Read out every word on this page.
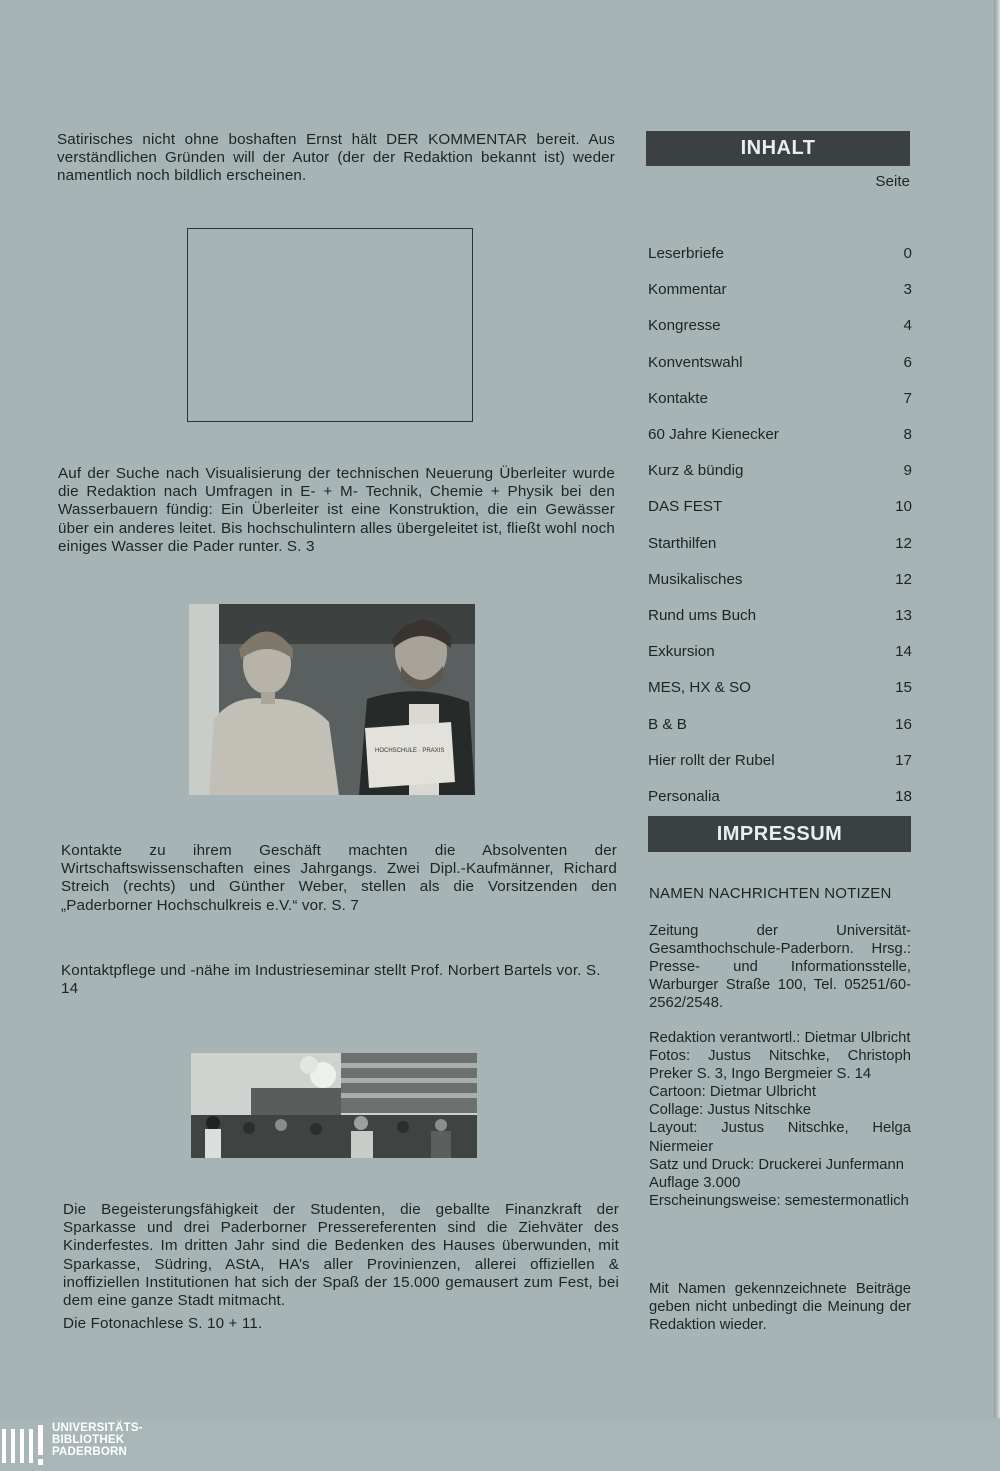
Satirisches nicht ohne boshaften Ernst hält DER KOMMENTAR bereit. Aus verständlichen Gründen will der Autor (der der Redaktion bekannt ist) weder namentlich noch bildlich erscheinen.

Auf der Suche nach Visualisierung der technischen Neuerung Überleiter wurde die Redaktion nach Umfragen in E- + M- Technik, Chemie + Physik bei den Wasserbauern fündig: Ein Überleiter ist eine Konstruktion, die ein Gewässer über ein anderes leitet. Bis hochschulintern alles übergeleitet ist, fließt wohl noch einiges Wasser die Pader runter. S. 3

HOCHSCHULE · PRAXIS

Kontakte zu ihrem Geschäft machten die Absolventen der Wirtschaftswissenschaften eines Jahrgangs. Zwei Dipl.-Kaufmänner, Richard Streich (rechts) und Günther Weber, stellen als die Vorsitzenden den „Paderborner Hochschulkreis e.V.“ vor. S. 7

Kontaktpflege und -nähe im Industrieseminar stellt Prof. Norbert Bartels vor. S. 14

Die Begeisterungsfähigkeit der Studenten, die geballte Finanzkraft der Sparkasse und drei Paderborner Pressereferenten sind die Ziehväter des Kinderfestes. Im dritten Jahr sind die Bedenken des Hauses überwunden, mit Sparkasse, Südring, AStA, HA’s aller Provinienzen, allerei offiziellen & inoffiziellen Institutionen hat sich der Spaß der 15.000 gemausert zum Fest, bei dem eine ganze Stadt mitmacht.

Die Fotonachlese S. 10 + 11.

INHALT
Seite
Leserbriefe	0
Kommentar	3
Kongresse	4
Konventswahl	6
Kontakte	7
60 Jahre Kienecker	8
Kurz & bündig	9
DAS FEST	10
Starthilfen	12
Musikalisches	12
Rund ums Buch	13
Exkursion	14
MES, HX & SO	15
B & B	16
Hier rollt der Rubel	17
Personalia	18
IMPRESSUM
NAMEN NACHRICHTEN NOTIZEN

Zeitung der Universität-Gesamthochschule-Paderborn. Hrsg.: Presse- und Informationsstelle, Warburger Straße 100, Tel. 05251/60-2562/2548.

Redaktion verantwortl.: Dietmar Ulbricht
Fotos: Justus Nitschke, Christoph Preker S. 3, Ingo Bergmeier S. 14
Cartoon: Dietmar Ulbricht
Collage: Justus Nitschke
Layout: Justus Nitschke, Helga Niermeier
Satz und Druck: Druckerei Junfermann
Auflage 3.000
Erscheinungsweise: semestermonatlich

Mit Namen gekennzeichnete Beiträge geben nicht unbedingt die Meinung der Redaktion wieder.

UNIVERSITÄTS-
BIBLIOTHEK
PADERBORN
